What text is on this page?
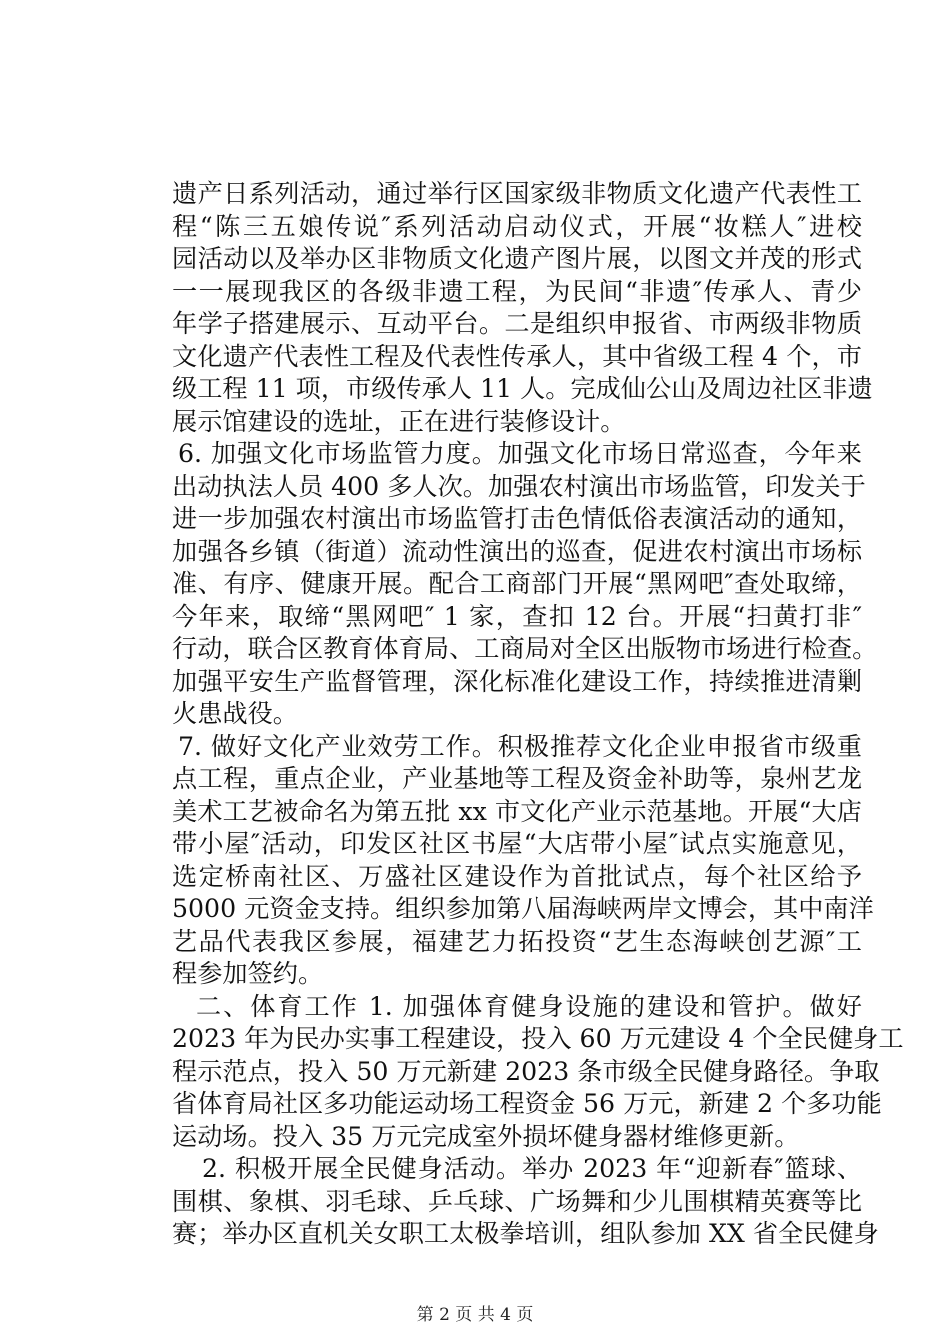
遗产日系列活动，通过举行区国家级非物质文化遗产代表性工
程“陈三五娘传说″系列活动启动仪式，开展“妆糕人″进校
园活动以及举办区非物质文化遗产图片展，以图文并茂的形式
一一展现我区的各级非遗工程，为民间“非遗″传承人、青少
年学子搭建展示、互动平台。二是组织申报省、市两级非物质
文化遗产代表性工程及代表性传承人，其中省级工程 4 个，市
级工程 11 项，市级传承人 11 人。完成仙公山及周边社区非遗
展示馆建设的选址，正在进行装修设计。
6. 加强文化市场监管力度。加强文化市场日常巡查，今年来
出动执法人员 400 多人次。加强农村演出市场监管，印发关于
进一步加强农村演出市场监管打击色情低俗表演活动的通知，
加强各乡镇（街道）流动性演出的巡查，促进农村演出市场标
准、有序、健康开展。配合工商部门开展“黑网吧″查处取缔，
今年来，取缔“黑网吧″ 1 家，查扣 12 台。开展“扫黄打非″
行动，联合区教育体育局、工商局对全区出版物市场进行检查。
加强平安生产监督管理，深化标准化建设工作，持续推进清剿
火患战役。
7. 做好文化产业效劳工作。积极推荐文化企业申报省市级重
点工程，重点企业，产业基地等工程及资金补助等，泉州艺龙
美术工艺被命名为第五批 xx 市文化产业示范基地。开展“大店
带小屋″活动，印发区社区书屋“大店带小屋″试点实施意见，
选定桥南社区、万盛社区建设作为首批试点，每个社区给予
5000 元资金支持。组织参加第八届海峡两岸文博会，其中南洋
艺品代表我区参展，福建艺力拓投资“艺生态海峡创艺源″工
程参加签约。
二、体育工作 1. 加强体育健身设施的建设和管护。做好
2023 年为民办实事工程建设，投入 60 万元建设 4 个全民健身工
程示范点，投入 50 万元新建 2023 条市级全民健身路径。争取
省体育局社区多功能运动场工程资金 56 万元，新建 2 个多功能
运动场。投入 35 万元完成室外损坏健身器材维修更新。
2. 积极开展全民健身活动。举办 2023 年“迎新春″篮球、
围棋、象棋、羽毛球、乒乓球、广场舞和少儿围棋精英赛等比
赛；举办区直机关女职工太极拳培训，组队参加 XX 省全民健身
第 2 页 共 4 页
